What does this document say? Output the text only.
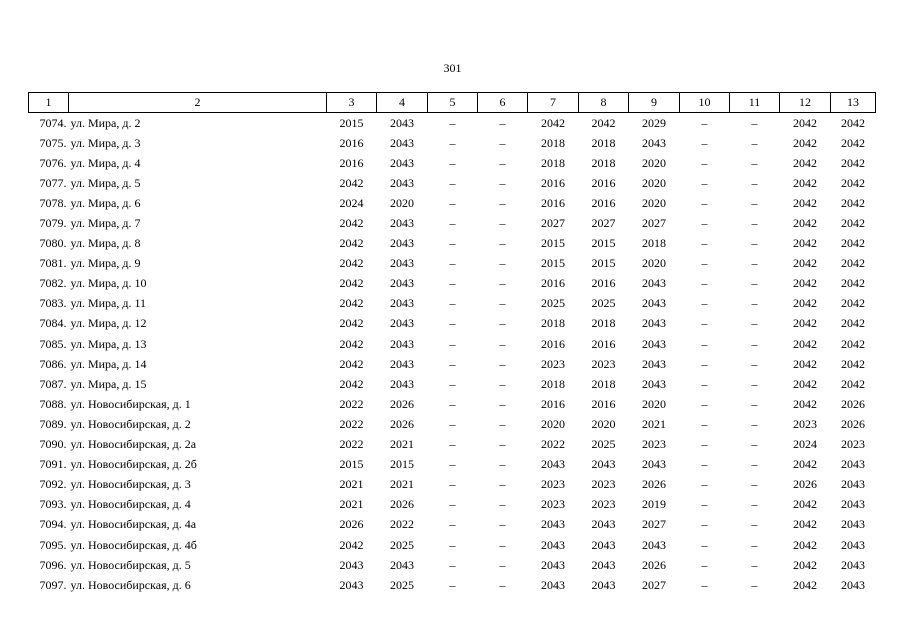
301
1	2	3	4	5	6	7	8	9	10	11	12	13
7074.	ул. Мира, д. 2	2015	2043	–	–	2042	2042	2029	–	–	2042	2042
7075.	ул. Мира, д. 3	2016	2043	–	–	2018	2018	2043	–	–	2042	2042
7076.	ул. Мира, д. 4	2016	2043	–	–	2018	2018	2020	–	–	2042	2042
7077.	ул. Мира, д. 5	2042	2043	–	–	2016	2016	2020	–	–	2042	2042
7078.	ул. Мира, д. 6	2024	2020	–	–	2016	2016	2020	–	–	2042	2042
7079.	ул. Мира, д. 7	2042	2043	–	–	2027	2027	2027	–	–	2042	2042
7080.	ул. Мира, д. 8	2042	2043	–	–	2015	2015	2018	–	–	2042	2042
7081.	ул. Мира, д. 9	2042	2043	–	–	2015	2015	2020	–	–	2042	2042
7082.	ул. Мира, д. 10	2042	2043	–	–	2016	2016	2043	–	–	2042	2042
7083.	ул. Мира, д. 11	2042	2043	–	–	2025	2025	2043	–	–	2042	2042
7084.	ул. Мира, д. 12	2042	2043	–	–	2018	2018	2043	–	–	2042	2042
7085.	ул. Мира, д. 13	2042	2043	–	–	2016	2016	2043	–	–	2042	2042
7086.	ул. Мира, д. 14	2042	2043	–	–	2023	2023	2043	–	–	2042	2042
7087.	ул. Мира, д. 15	2042	2043	–	–	2018	2018	2043	–	–	2042	2042
7088.	ул. Новосибирская, д. 1	2022	2026	–	–	2016	2016	2020	–	–	2042	2026
7089.	ул. Новосибирская, д. 2	2022	2026	–	–	2020	2020	2021	–	–	2023	2026
7090.	ул. Новосибирская, д. 2а	2022	2021	–	–	2022	2025	2023	–	–	2024	2023
7091.	ул. Новосибирская, д. 2б	2015	2015	–	–	2043	2043	2043	–	–	2042	2043
7092.	ул. Новосибирская, д. 3	2021	2021	–	–	2023	2023	2026	–	–	2026	2043
7093.	ул. Новосибирская, д. 4	2021	2026	–	–	2023	2023	2019	–	–	2042	2043
7094.	ул. Новосибирская, д. 4а	2026	2022	–	–	2043	2043	2027	–	–	2042	2043
7095.	ул. Новосибирская, д. 4б	2042	2025	–	–	2043	2043	2043	–	–	2042	2043
7096.	ул. Новосибирская, д. 5	2043	2043	–	–	2043	2043	2026	–	–	2042	2043
7097.	ул. Новосибирская, д. 6	2043	2025	–	–	2043	2043	2027	–	–	2042	2043
